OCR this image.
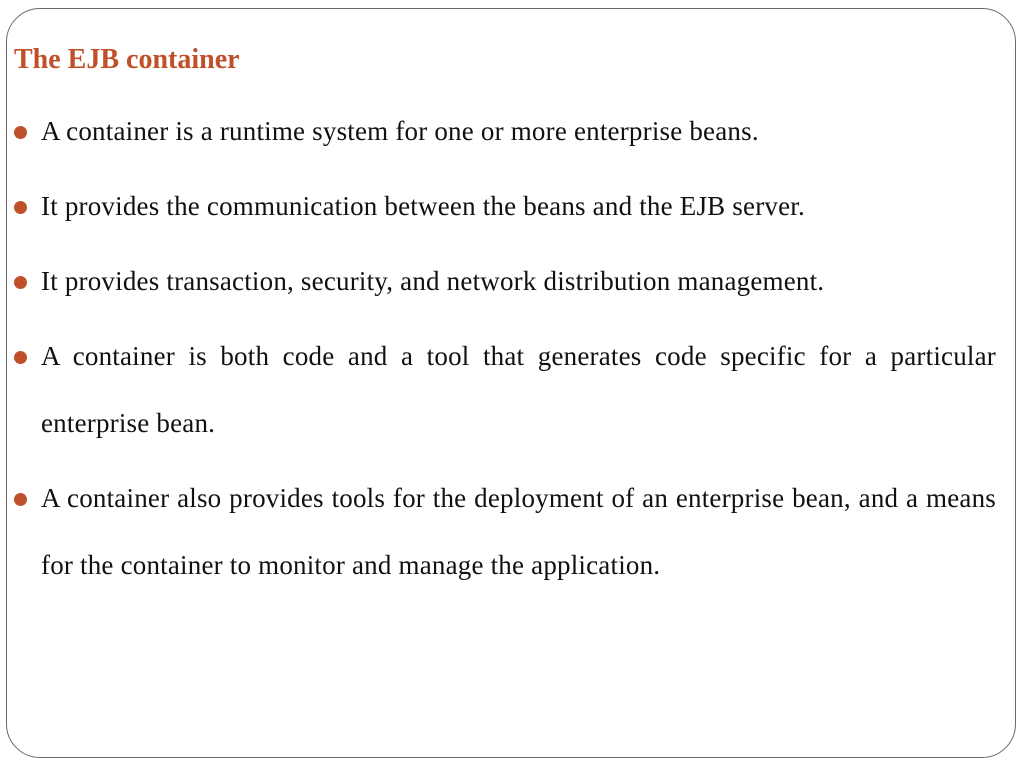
The EJB container
A container is a runtime system for one or more enterprise beans.
It provides the communication between the beans and the EJB server.
It provides transaction, security, and network distribution management.
A container is both code and a tool that generates code specific for a particular enterprise bean.
A container also provides tools for the deployment of an enterprise bean, and a means for the container to monitor and manage the application.
